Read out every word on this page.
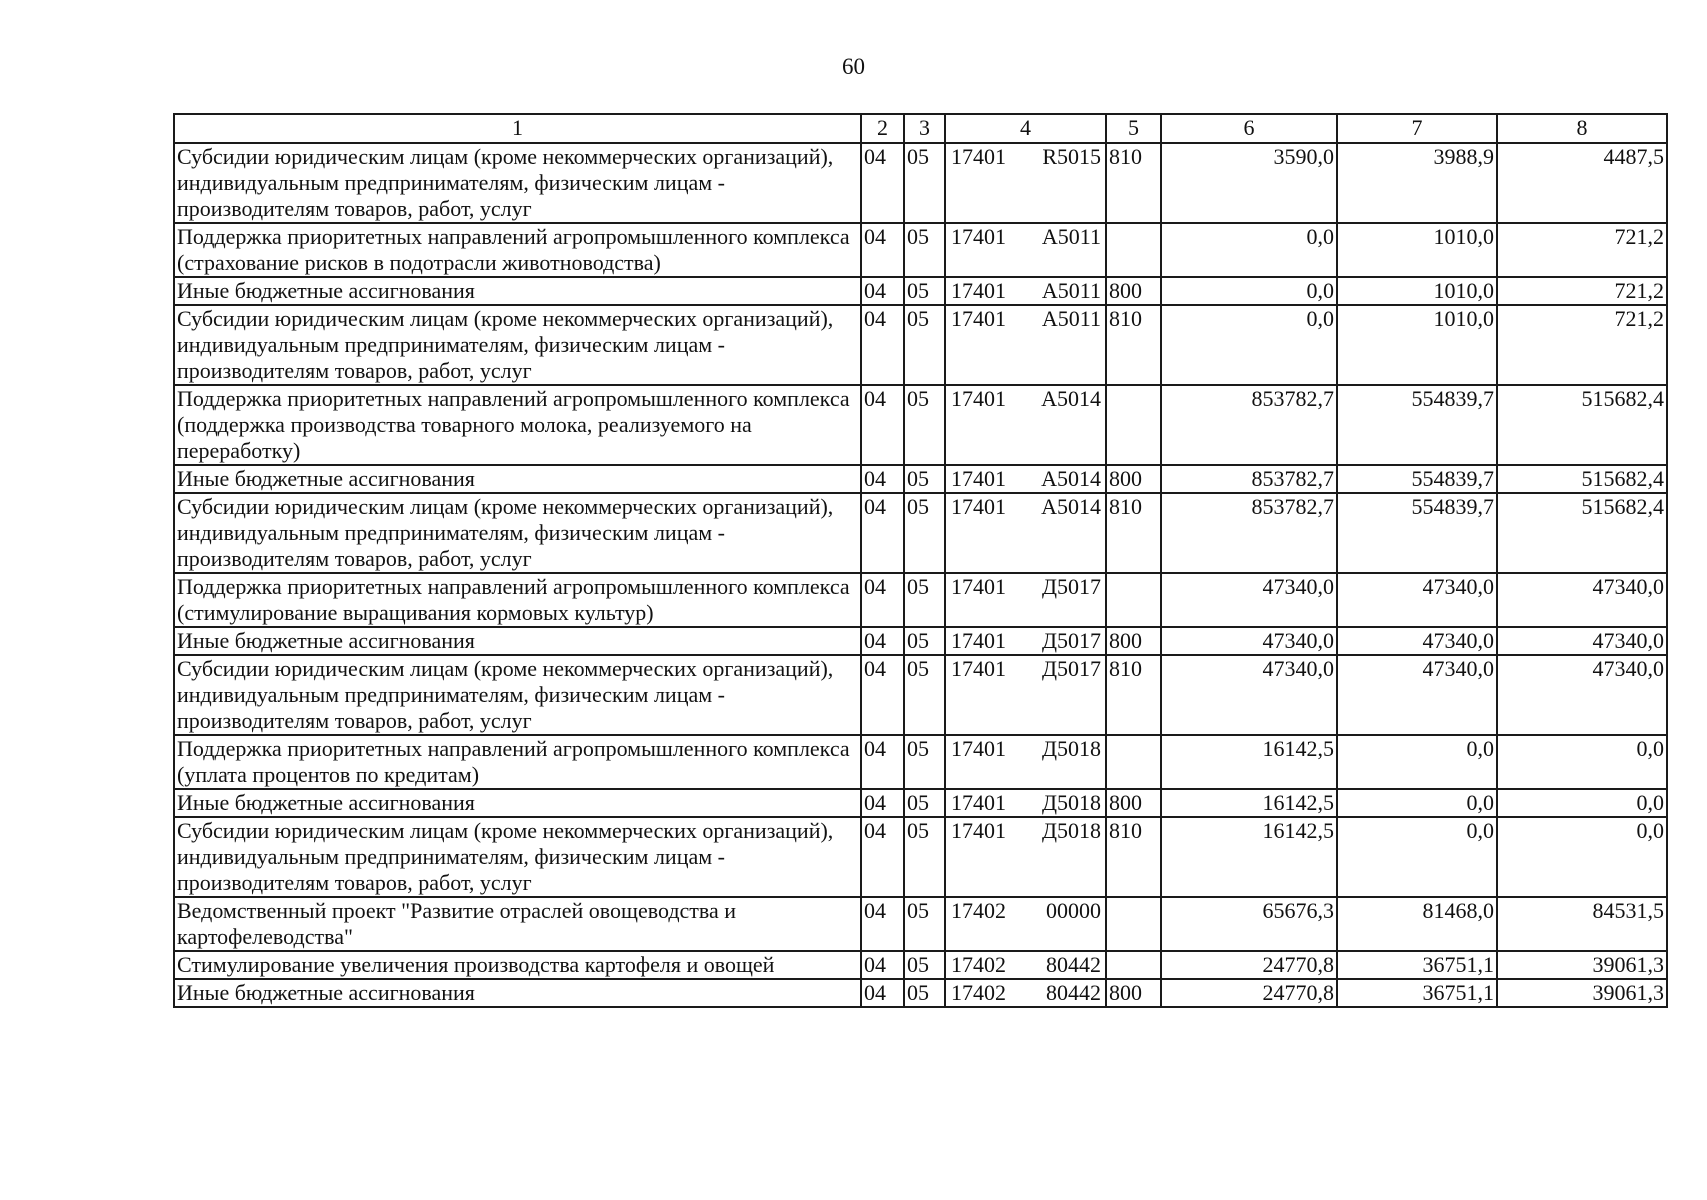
60
1	2	3	4	5	6	7	8
Субсидии юридическим лицам (кроме некоммерческих организаций), индивидуальным предпринимателям, физическим лицам - производителям товаров, работ, услуг	04	05	17401 R5015	810	3590,0	3988,9	4487,5
Поддержка приоритетных направлений агропромышленного комплекса (страхование рисков в подотрасли животноводства)	04	05	17401 А5011		0,0	1010,0	721,2
Иные бюджетные ассигнования	04	05	17401 А5011	800	0,0	1010,0	721,2
Субсидии юридическим лицам (кроме некоммерческих организаций), индивидуальным предпринимателям, физическим лицам - производителям товаров, работ, услуг	04	05	17401 А5011	810	0,0	1010,0	721,2
Поддержка приоритетных направлений агропромышленного комплекса (поддержка производства товарного молока, реализуемого на переработку)	04	05	17401 А5014		853782,7	554839,7	515682,4
Иные бюджетные ассигнования	04	05	17401 А5014	800	853782,7	554839,7	515682,4
Субсидии юридическим лицам (кроме некоммерческих организаций), индивидуальным предпринимателям, физическим лицам - производителям товаров, работ, услуг	04	05	17401 А5014	810	853782,7	554839,7	515682,4
Поддержка приоритетных направлений агропромышленного комплекса (стимулирование выращивания кормовых культур)	04	05	17401 Д5017		47340,0	47340,0	47340,0
Иные бюджетные ассигнования	04	05	17401 Д5017	800	47340,0	47340,0	47340,0
Субсидии юридическим лицам (кроме некоммерческих организаций), индивидуальным предпринимателям, физическим лицам - производителям товаров, работ, услуг	04	05	17401 Д5017	810	47340,0	47340,0	47340,0
Поддержка приоритетных направлений агропромышленного комплекса (уплата процентов по кредитам)	04	05	17401 Д5018		16142,5	0,0	0,0
Иные бюджетные ассигнования	04	05	17401 Д5018	800	16142,5	0,0	0,0
Субсидии юридическим лицам (кроме некоммерческих организаций), индивидуальным предпринимателям, физическим лицам - производителям товаров, работ, услуг	04	05	17401 Д5018	810	16142,5	0,0	0,0
Ведомственный проект "Развитие отраслей овощеводства и картофелеводства"	04	05	17402 00000		65676,3	81468,0	84531,5
Стимулирование увеличения производства картофеля и овощей	04	05	17402 80442		24770,8	36751,1	39061,3
Иные бюджетные ассигнования	04	05	17402 80442	800	24770,8	36751,1	39061,3
